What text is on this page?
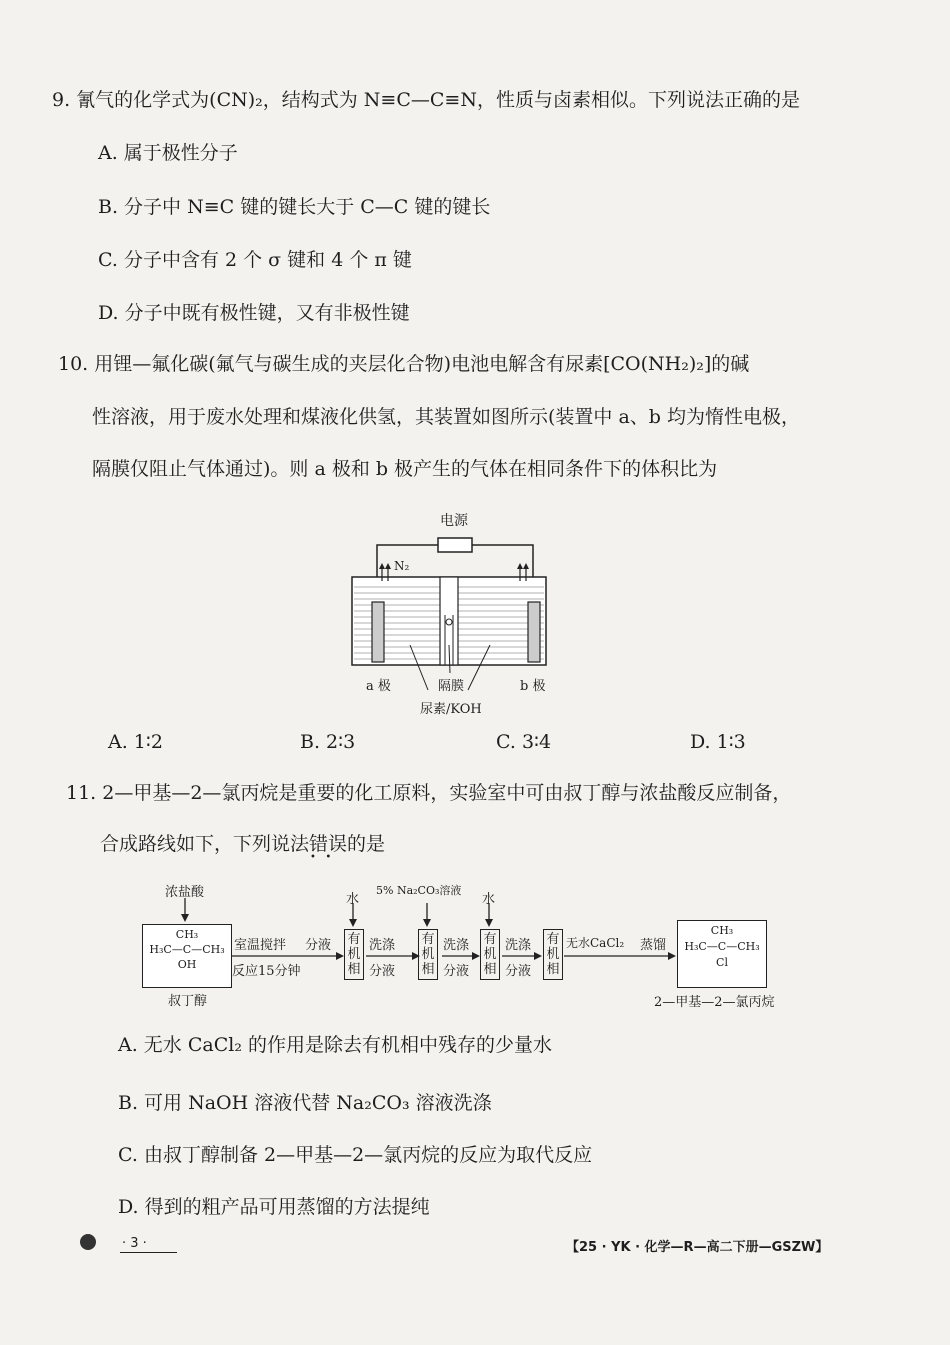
9. 氰气的化学式为(CN)₂，结构式为 N≡C—C≡N，性质与卤素相似。下列说法正确的是
A. 属于极性分子
B. 分子中 N≡C 键的键长大于 C—C 键的键长
C. 分子中含有 2 个 σ 键和 4 个 π 键
D. 分子中既有极性键，又有非极性键
10. 用锂—氟化碳(氟气与碳生成的夹层化合物)电池电解含有尿素[CO(NH₂)₂]的碱
性溶液，用于废水处理和煤液化供氢，其装置如图所示(装置中 a、b 均为惰性电极，
隔膜仅阻止气体通过)。则 a 极和 b 极产生的气体在相同条件下的体积比为
电源
N₂
a 极	隔膜	b 极
尿素/KOH
A. 1∶2	B. 2∶3	C. 3∶4	D. 1∶3
11. 2—甲基—2—氯丙烷是重要的化工原料，实验室中可由叔丁醇与浓盐酸反应制备，
合成路线如下，下列说法错误的是
•   •
浓盐酸
CH₃
H₃C—C—CH₃
OH
叔丁醇
室温搅拌
反应15分钟
分液
水
有机相
洗涤
分液
5% Na₂CO₃溶液
有机相
洗涤
分液
水
有机相
洗涤
分液
有机相
无水CaCl₂ 蒸馏
CH₃
H₃C—C—CH₃
Cl
2—甲基—2—氯丙烷
A. 无水 CaCl₂ 的作用是除去有机相中残存的少量水
B. 可用 NaOH 溶液代替 Na₂CO₃ 溶液洗涤
C. 由叔丁醇制备 2—甲基—2—氯丙烷的反应为取代反应
D. 得到的粗产品可用蒸馏的方法提纯
· 3 ·	【25 · YK · 化学—R—高二下册—GSZW】
